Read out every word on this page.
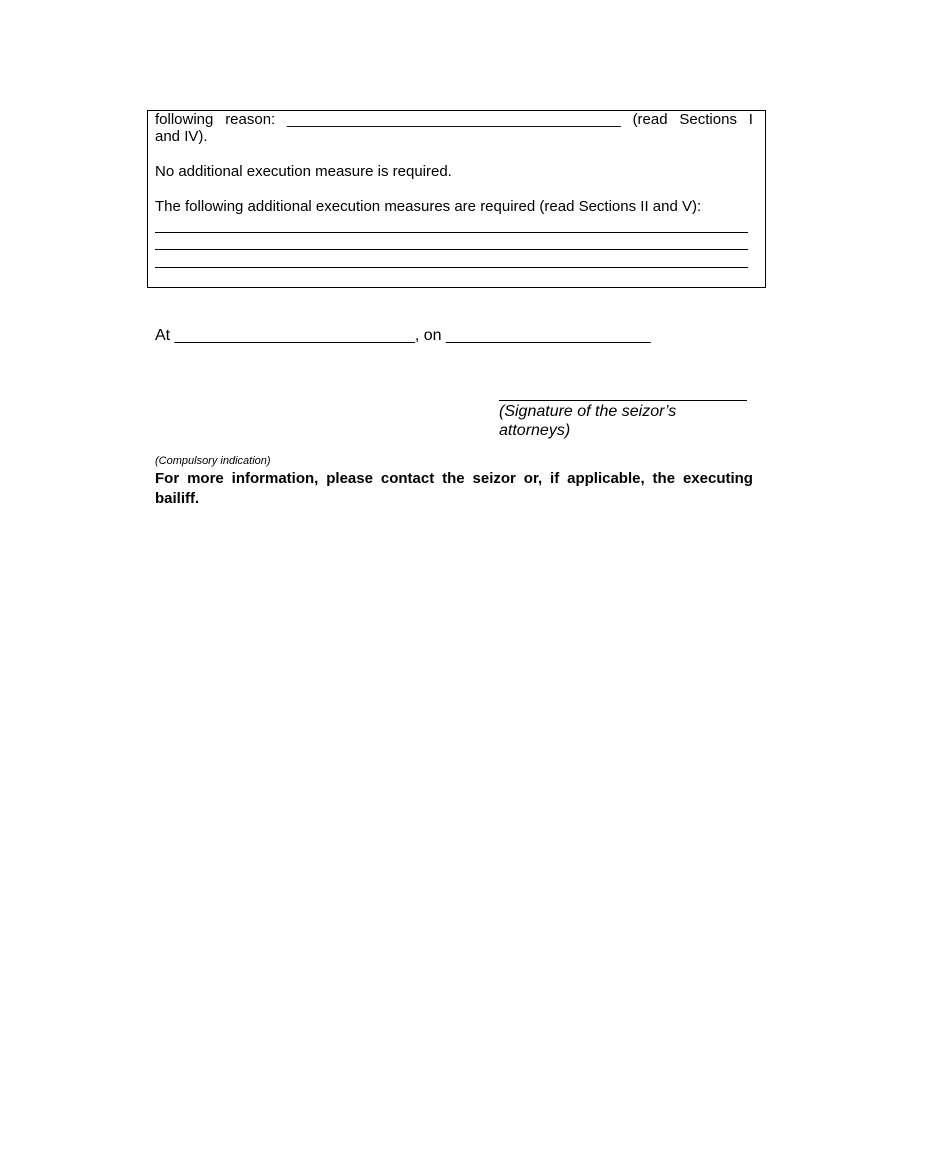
following reason: ________________________________________ (read Sections I
and IV).
No additional execution measure is required.
The following additional execution measures are required (read Sections II and V):
At ___________________________, on _______________________
(Signature of the seizor’s
attorneys)
(Compulsory indication)
For more information, please contact the seizor or, if applicable, the executing
bailiff.
